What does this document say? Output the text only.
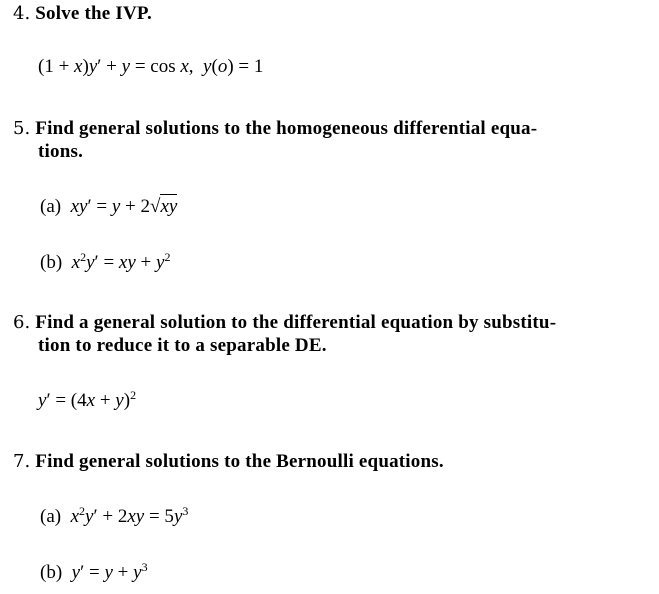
4. Solve the IVP.
(1 + x)y′ + y = cos x,  y(o) = 1
5. Find general solutions to the homogeneous differential equa-
tions.
(a) xy′ = y + 2√xy
(b) $x^2y'$ = xy + $y^2$
6. Find a general solution to the differential equation by substitu-
tion to reduce it to a separable DE.
$y' = (4x + y)^2$
7. Find general solutions to the Bernoulli equations.
(a) $x^2y' + 2xy = 5y^3$
(b) $y' = y + y^3$
